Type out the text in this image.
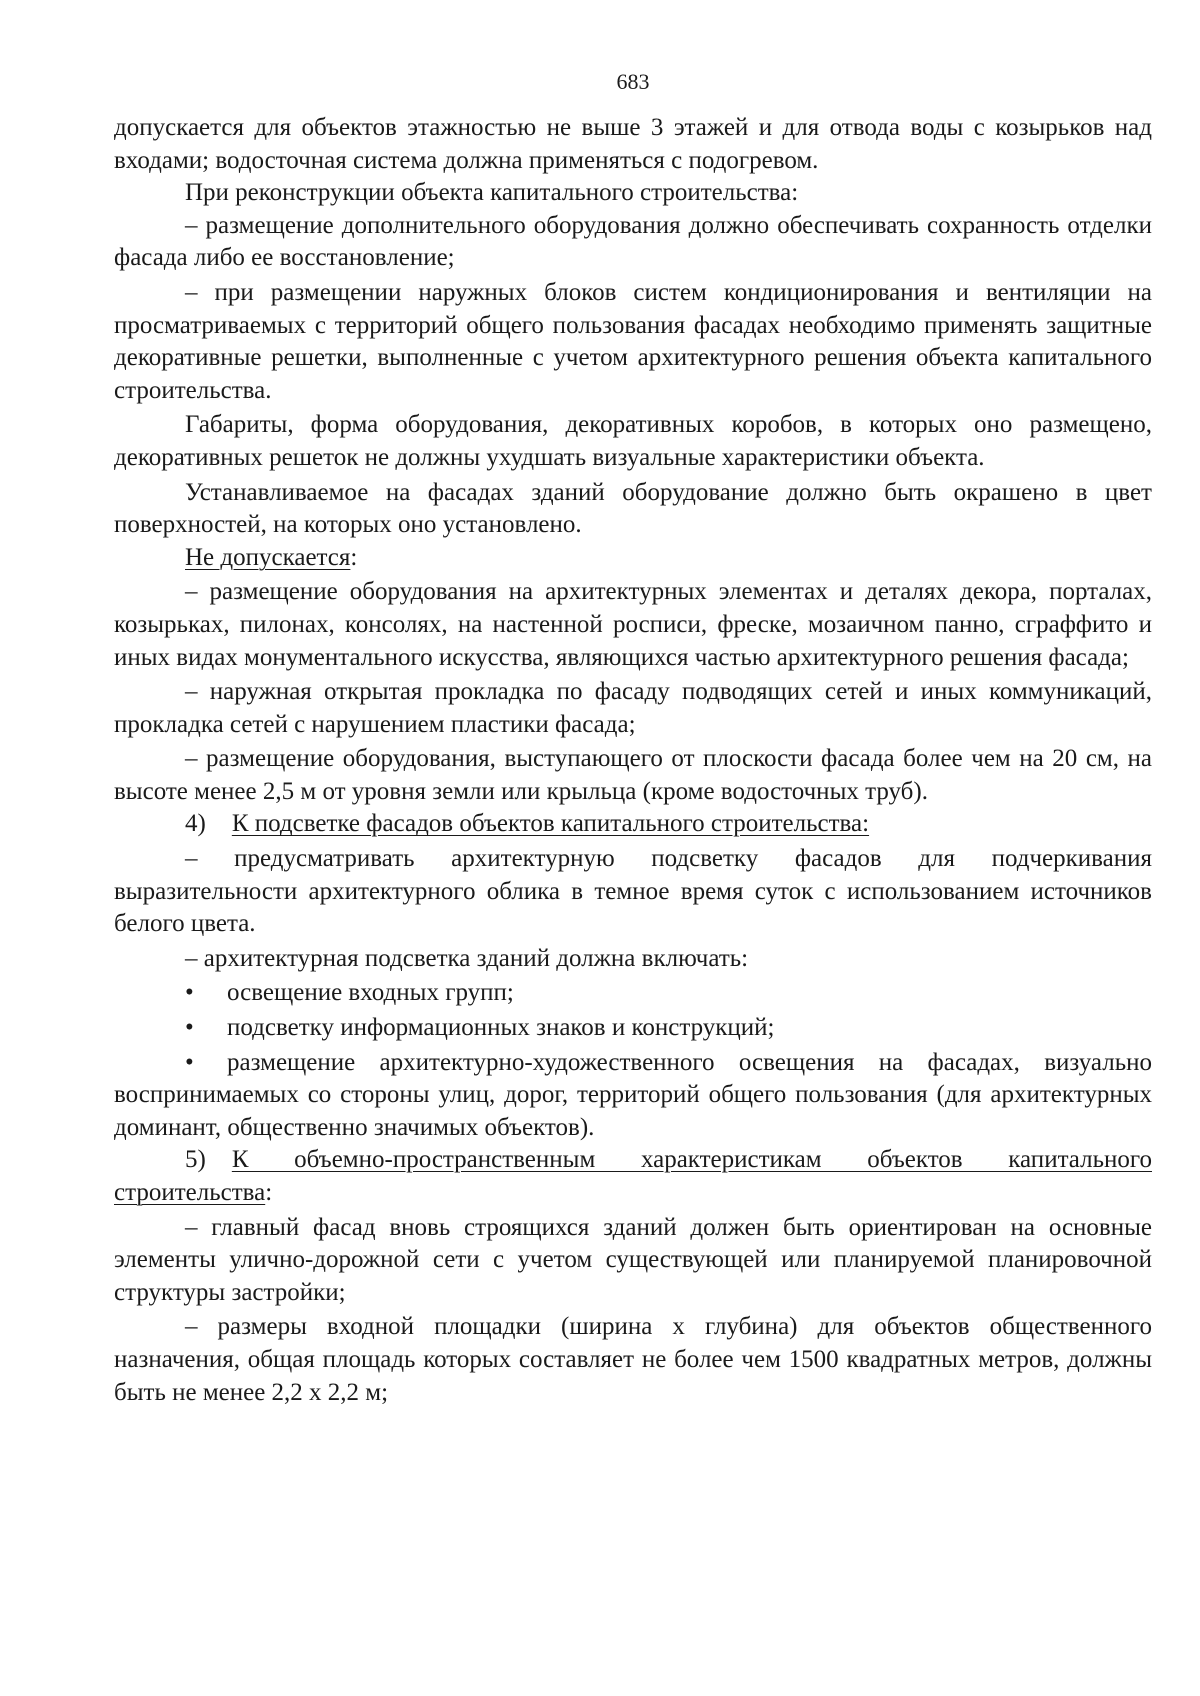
683

допускается для объектов этажностью не выше 3 этажей и для отвода воды с козырьков над входами; водосточная система должна применяться с подогревом.

При реконструкции объекта капитального строительства:

– размещение дополнительного оборудования должно обеспечивать сохранность отделки фасада либо ее восстановление;

– при размещении наружных блоков систем кондиционирования и вентиляции на просматриваемых с территорий общего пользования фасадах необходимо применять защитные декоративные решетки, выполненные с учетом архитектурного решения объекта капитального строительства.

Габариты, форма оборудования, декоративных коробов, в которых оно размещено, декоративных решеток не должны ухудшать визуальные характеристики объекта.

Устанавливаемое на фасадах зданий оборудование должно быть окрашено в цвет поверхностей, на которых оно установлено.

Не допускается:

– размещение оборудования на архитектурных элементах и деталях декора, порталах, козырьках, пилонах, консолях, на настенной росписи, фреске, мозаичном панно, сграффито и иных видах монументального искусства, являющихся частью архитектурного решения фасада;

– наружная открытая прокладка по фасаду подводящих сетей и иных коммуникаций, прокладка сетей с нарушением пластики фасада;

– размещение оборудования, выступающего от плоскости фасада более чем на 20 см, на высоте менее 2,5 м от уровня земли или крыльца (кроме водосточных труб).

4) К подсветке фасадов объектов капитального строительства:

– предусматривать архитектурную подсветку фасадов для подчеркивания выразительности архитектурного облика в темное время суток с использованием источников белого цвета.

– архитектурная подсветка зданий должна включать:

• освещение входных групп;

• подсветку информационных знаков и конструкций;

• размещение архитектурно-художественного освещения на фасадах, визуально воспринимаемых со стороны улиц, дорог, территорий общего пользования (для архитектурных доминант, общественно значимых объектов).

5) К объемно-пространственным характеристикам объектов капитального строительства:

– главный фасад вновь строящихся зданий должен быть ориентирован на основные элементы улично-дорожной сети с учетом существующей или планируемой планировочной структуры застройки;

– размеры входной площадки (ширина х глубина) для объектов общественного назначения, общая площадь которых составляет не более чем 1500 квадратных метров, должны быть не менее 2,2 х 2,2 м;
